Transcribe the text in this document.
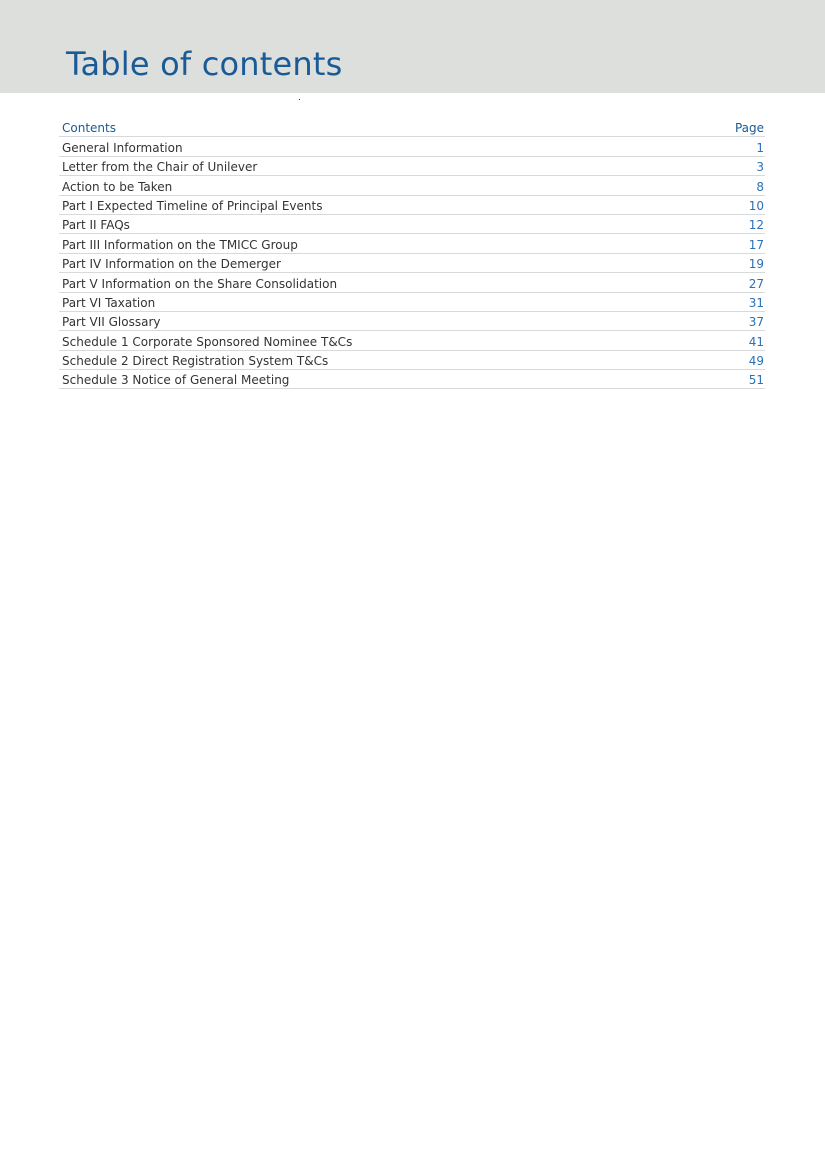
Table of contents
Contents	Page
General Information	1
Letter from the Chair of Unilever	3
Action to be Taken	8
Part I Expected Timeline of Principal Events	10
Part II FAQs	12
Part III Information on the TMICC Group	17
Part IV Information on the Demerger	19
Part V Information on the Share Consolidation	27
Part VI Taxation	31
Part VII Glossary	37
Schedule 1 Corporate Sponsored Nominee T&Cs	41
Schedule 2 Direct Registration System T&Cs	49
Schedule 3 Notice of General Meeting	51
